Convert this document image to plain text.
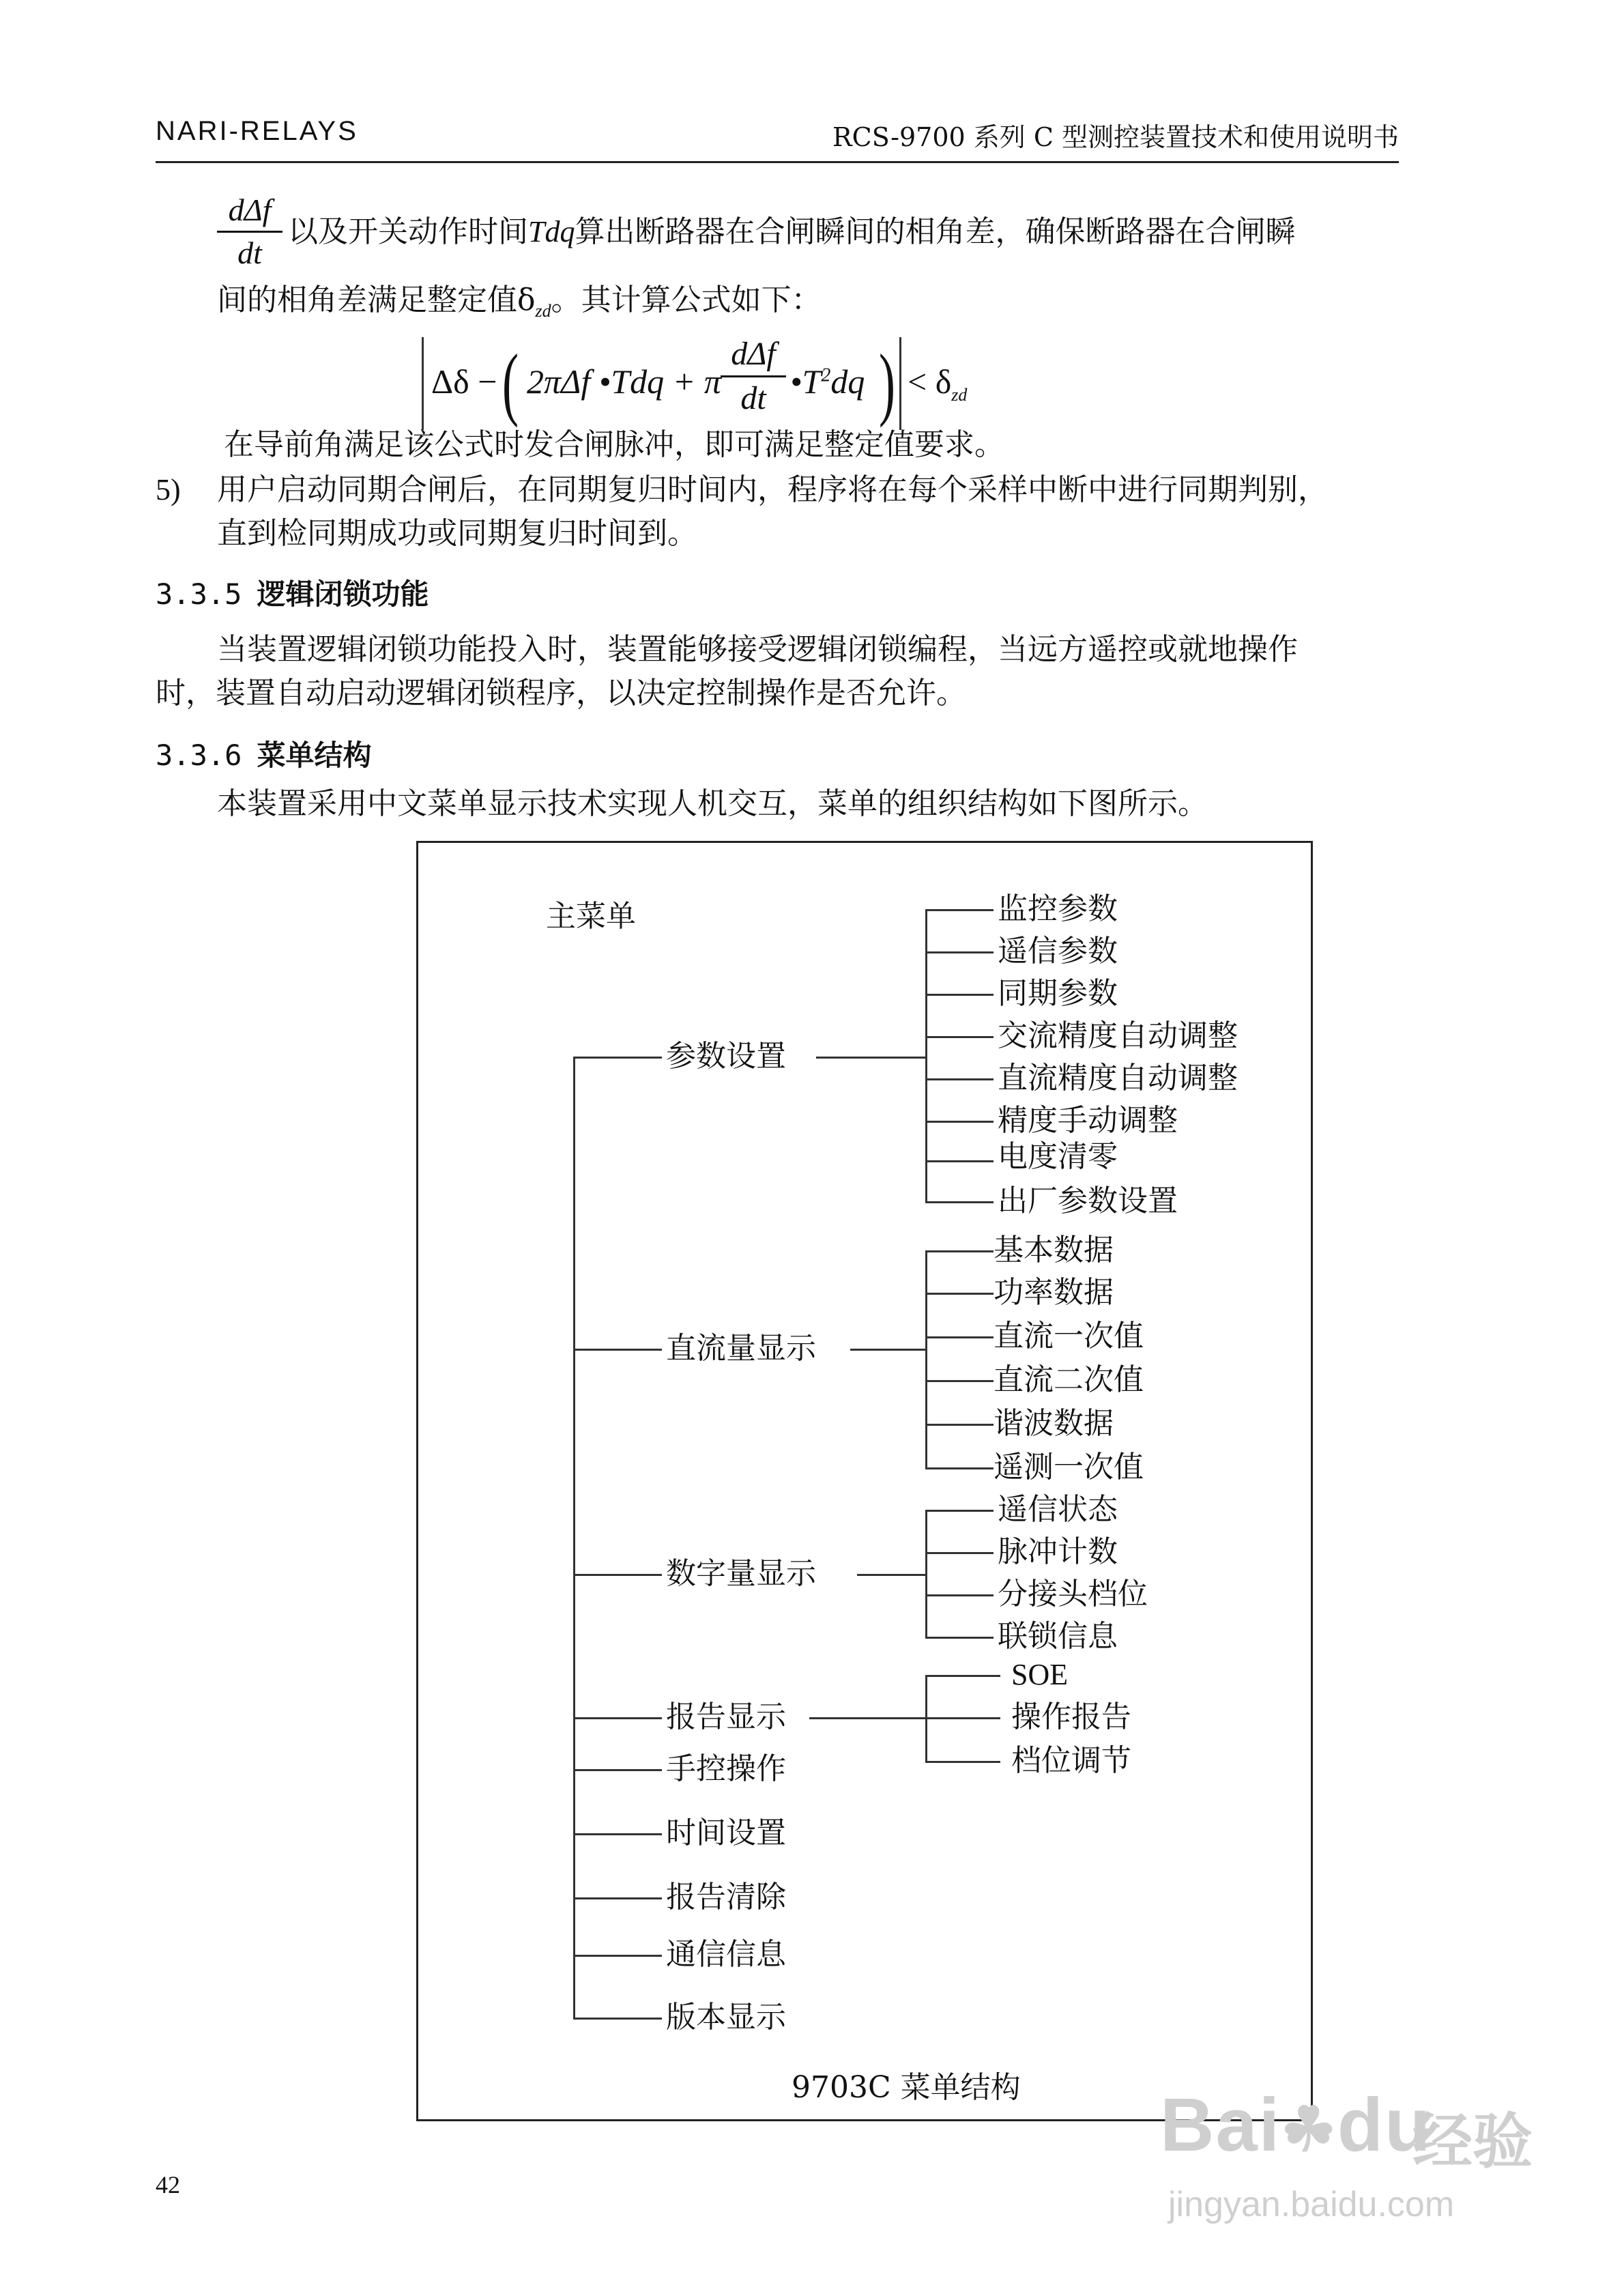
NARI-RELAYS	RCS-9700 系列 C 型测控装置技术和使用说明书
dΔf
dt
以及开关动作时间Tdq算出断路器在合闸瞬间的相角差，确保断路器在合闸瞬
间的相角差满足整定值$\delta_{zd}$。其计算公式如下：
Δδ − ( 2πΔf •Tdq + π
dΔf
dt $•T^2dq$ ) < $\delta_{zd}$
在导前角满足该公式时发合闸脉冲，即可满足整定值要求。
5) 用户启动同期合闸后，在同期复归时间内，程序将在每个采样中断中进行同期判别，
直到检同期成功或同期复归时间到。
3.3.5 逻辑闭锁功能
当装置逻辑闭锁功能投入时，装置能够接受逻辑闭锁编程，当远方遥控或就地操作
时，装置自动启动逻辑闭锁程序，以决定控制操作是否允许。
3.3.6 菜单结构
本装置采用中文菜单显示技术实现人机交互，菜单的组织结构如下图所示。
主菜单
参数设置
直流量显示
数字量显示
报告显示
手控操作
时间设置
报告清除
通信信息
版本显示
监控参数
遥信参数
同期参数
交流精度自动调整
直流精度自动调整
精度手动调整
电度清零
出厂参数设置
基本数据
功率数据
直流一次值
直流二次值
谐波数据
遥测一次值
遥信状态
脉冲计数
分接头档位
联锁信息
SOE
操作报告
档位调节
9703C 菜单结构
42
Bai☘du
经验
jingyan.baidu.com
